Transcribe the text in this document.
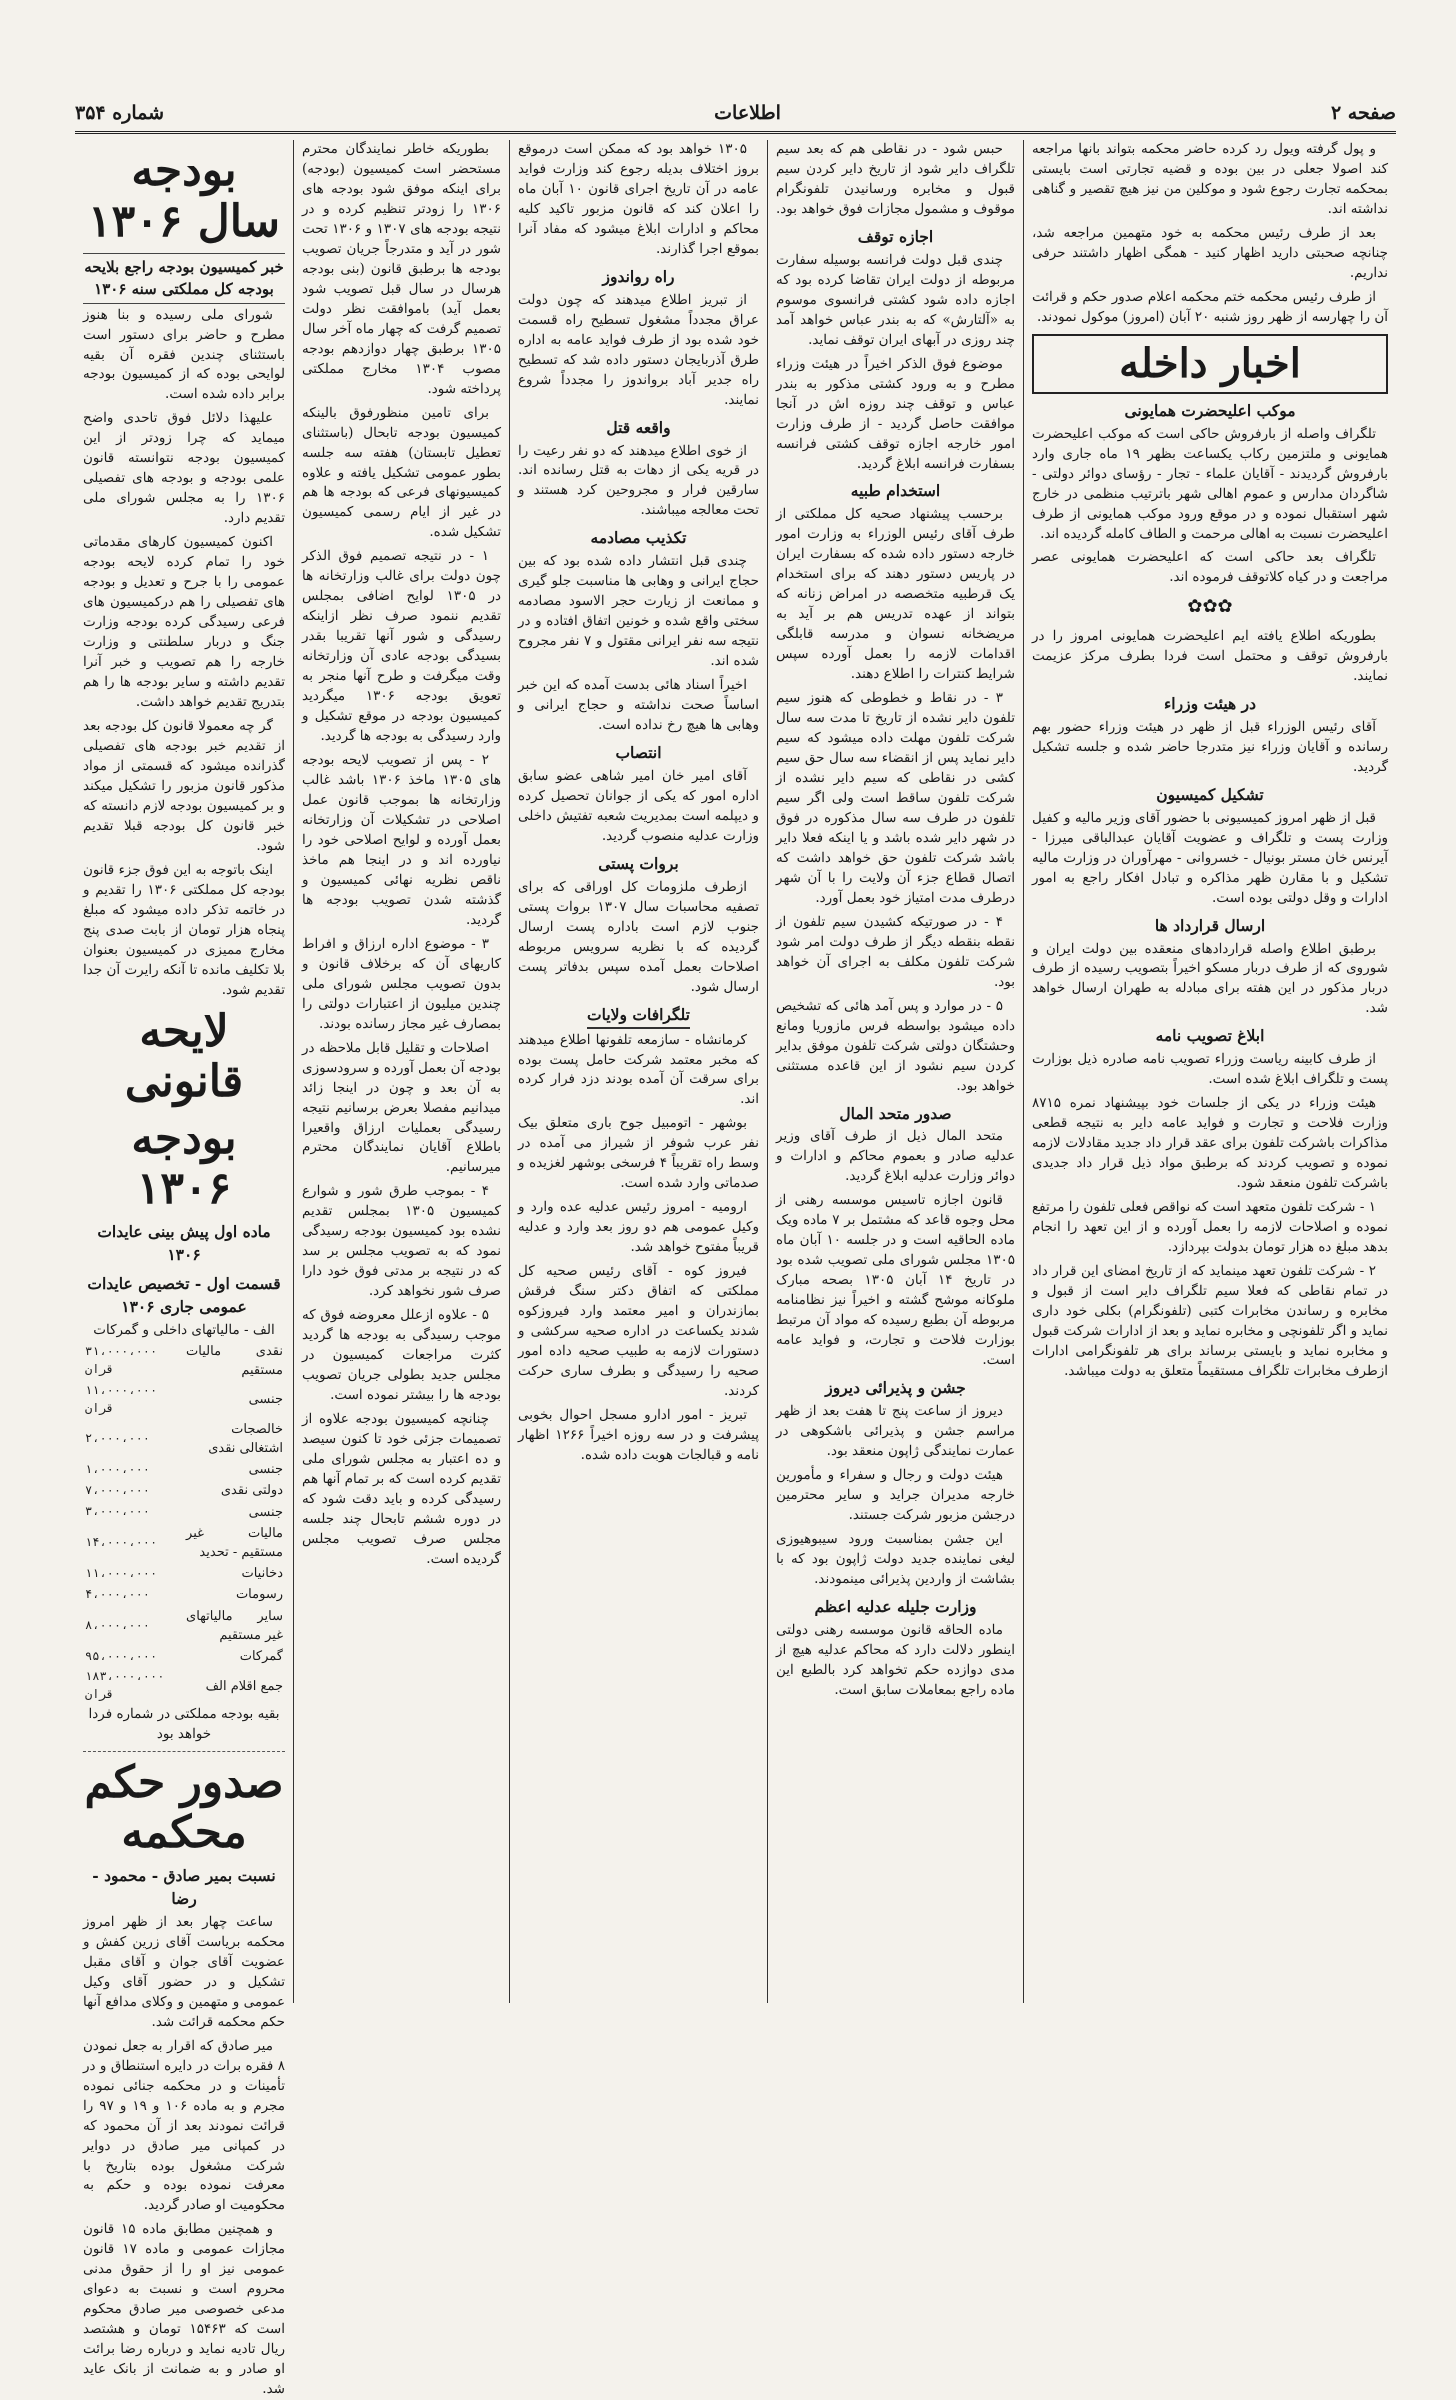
صفحه ۲
اطلاعات
شماره ۳۵۴

و پول گرفته ویول رد کرده حاضر محکمه بتواند بانها مراجعه کند اصولا جعلی در بین بوده و قضیه تجارتی است بایستی بمحکمه تجارت رجوع شود و موکلین من نیز هیچ تقصیر و گناهی نداشته اند.

بعد از طرف رئیس محکمه به خود متهمین مراجعه شد، چنانچه صحبتی دارید اظهار کنید - همگی اظهار داشتند حرفی نداریم.

از طرف رئیس محکمه ختم محکمه اعلام صدور حکم و قرائت آن را چهارسه از ظهر روز شنبه ۲۰ آبان (امروز) موکول نمودند.

اخبار داخله
موکب اعلیحضرت همایونی

تلگراف واصله از بارفروش حاکی است که موکب اعلیحضرت همایونی و ملتزمین رکاب یکساعت بظهر ۱۹ ماه جاری وارد بارفروش گردیدند - آقایان علماء - تجار - رؤسای دوائر دولتی - شاگردان مدارس و عموم اهالی شهر باترتیب منظمی در خارج شهر استقبال نموده و در موقع ورود موکب همایونی از طرف اعلیحضرت نسبت به اهالی مرحمت و الطاف کامله گردیده اند.

تلگراف بعد حاکی است که اعلیحضرت همایونی عصر مراجعت و در کیاه کلاتوقف فرموده اند.

✿✿✿

بطوریکه اطلاع یافته ایم اعلیحضرت همایونی امروز را در بارفروش توقف و محتمل است فردا بطرف مرکز عزیمت نمایند.

در هیئت وزراء

آقای رئیس الوزراء قبل از ظهر در هیئت وزراء حضور بهم رسانده و آقایان وزراء نیز متدرجا حاضر شده و جلسه تشکیل گردید.

تشکیل کمیسیون

قبل از ظهر امروز کمیسیونی با حضور آقای وزیر مالیه و کفیل وزارت پست و تلگراف و عضویت آقایان عبدالباقی میرزا - آیرنس خان مستر بونیال - خسروانی - مهرآوران در وزارت مالیه تشکیل و با مقارن ظهر مذاکره و تبادل افکار راجع به امور ادارات و وقل دولتی بوده است.

ارسال قرارداد ها

برطبق اطلاع واصله قراردادهای منعقده بین دولت ایران و شوروی که از طرف دربار مسکو اخیراً بتصویب رسیده از طرف دربار مذکور در این هفته برای مبادله به طهران ارسال خواهد شد.

ابلاغ تصویب نامه

از طرف کابینه ریاست وزراء تصویب نامه صادره ذیل بوزارت پست و تلگراف ابلاغ شده است.

هیئت وزراء در یکی از جلسات خود بپیشنهاد نمره ۸۷۱۵ وزارت فلاحت و تجارت و فواید عامه دایر به نتیجه قطعی مذاکرات باشرکت تلفون برای عقد قرار داد جدید مقادلات لازمه نموده و تصویب کردند که برطبق مواد ذیل قرار داد جدیدی باشرکت تلفون منعقد شود.

۱ - شرکت تلفون متعهد است که نواقص فعلی تلفون را مرتفع نموده و اصلاحات لازمه را بعمل آورده و از این تعهد را انجام بدهد مبلغ ده هزار تومان بدولت بپردازد.

۲ - شرکت تلفون تعهد مینماید که از تاریخ امضای این قرار داد در تمام نقاطی که فعلا سیم تلگراف دایر است از قبول و مخابره و رساندن مخابرات کتبی (تلفونگرام) بکلی خود داری نماید و اگر تلفونچی و مخابره نماید و بعد از ادارات شرکت قبول و مخابره نماید و بایستی برساند برای هر تلفونگرامی ادارات ازطرف مخابرات تلگراف مستقیماً متعلق به دولت میباشد.

حبس شود - در نقاطی هم که بعد سیم تلگراف دایر شود از تاریخ دایر کردن سیم قبول و مخابره ورسانیدن تلفونگرام موقوف و مشمول مجازات فوق خواهد بود.

اجازه توقف

چندی قبل دولت فرانسه بوسیله سفارت مربوطه از دولت ایران تقاضا کرده بود که اجازه داده شود کشتی فرانسوی موسوم به «آلتارش» که به بندر عباس خواهد آمد چند روزی در آبهای ایران توقف نماید.

موضوع فوق الذکر اخیراً در هیئت وزراء مطرح و به ورود کشتی مذکور به بندر عباس و توقف چند روزه اش در آنجا موافقت حاصل گردید - از طرف وزارت امور خارجه اجازه توقف کشتی فرانسه بسفارت فرانسه ابلاغ گردید.

استخدام طبیه

برحسب پیشنهاد صحیه کل مملکتی از طرف آقای رئیس الوزراء به وزارت امور خارجه دستور داده شده که بسفارت ایران در پاریس دستور دهند که برای استخدام یک قرطبیه متخصصه در امراض زنانه که بتواند از عهده تدریس هم بر آید به مریضخانه نسوان و مدرسه قابلگی اقدامات لازمه را بعمل آورده سپس شرایط کنترات را اطلاع دهند.

۳ - در نقاط و خطوطی که هنوز سیم تلفون دایر نشده از تاریخ تا مدت سه سال شرکت تلفون مهلت داده میشود که سیم دایر نماید پس از انقضاء سه سال حق سیم کشی در نقاطی که سیم دایر نشده از شرکت تلفون ساقط است ولی اگر سیم تلفون در طرف سه سال مذکوره در فوق در شهر دایر شده باشد و یا اینکه فعلا دایر باشد شرکت تلفون حق خواهد داشت که اتصال قطاع جزء آن ولایت را با آن شهر درطرف مدت امتیاز خود بعمل آورد.

۴ - در صورتیکه کشیدن سیم تلفون از نقطه بنقطه دیگر از طرف دولت امر شود شرکت تلفون مکلف به اجرای آن خواهد بود.

۵ - در موارد و پس آمد هائی که تشخیص داده میشود بواسطه فرس مازوریا ومانع وحشتگان دولتی شرکت تلفون موفق بدایر کردن سیم نشود از این قاعده مستثنی خواهد بود.

صدور متحد المال

متحد المال ذیل از طرف آقای وزیر عدلیه صادر و بعموم محاکم و ادارات و دوائر وزارت عدلیه ابلاغ گردید.

قانون اجازه تاسیس موسسه رهنی از محل وجوه قاعد که مشتمل بر ۷ ماده ویک ماده الحاقیه است و در جلسه ۱۰ آبان ماه ۱۳۰۵ مجلس شورای ملی تصویب شده بود در تاریخ ۱۴ آبان ۱۳۰۵ بصحه مبارک ملوکانه موشح گشته و اخیراً نیز نظامنامه مربوطه آن بطبع رسیده که مواد آن مرتبط بوزارت فلاحت و تجارت، و فواید عامه است.

جشن و پذیرائی دیروز

دیروز از ساعت پنج تا هفت بعد از ظهر مراسم جشن و پذیرائی باشکوهی در عمارت نمایندگی ژاپون منعقد بود.

هیئت دولت و رجال و سفراء و مأمورین خارجه مدیران جراید و سایر محترمین درجشن مزبور شرکت جستند.

این جشن بمناسبت ورود سیبوهیوزی لیغی نماینده جدید دولت ژاپون بود که با بشاشت از واردین پذیرائی مینمودند.

وزارت جلیله عدلیه اعظم

ماده الحاقه قانون موسسه رهنی دولتی اینطور دلالت دارد که محاکم عدلیه هیچ از مدی دوازده حکم تخواهد کرد بالطبع این ماده راجع بمعاملات سابق است.

۱۳۰۵ خواهد بود که ممکن است درموقع بروز اختلاف بدیله رجوع کند وزارت فواید عامه در آن تاریخ اجرای قانون ۱۰ آبان ماه را اعلان کند که قانون مزبور تاکید کلیه محاکم و ادارات ابلاغ میشود که مفاد آنرا بموقع اجرا گذارند.

راه رواندوز

از تبریز اطلاع میدهند که چون دولت عراق مجدداً مشغول تسطیح راه قسمت خود شده بود از طرف فواید عامه به اداره طرق آذربایجان دستور داده شد که تسطیح راه جدیر آباد برواندوز را مجدداً شروع نمایند.

واقعه قتل

از خوی اطلاع میدهند که دو نفر رعیت را در قریه یکی از دهات به قتل رسانده اند. سارقین فرار و مجروحین کرد هستند و تحت معالجه میباشند.

تکذیب مصادمه

چندی قبل انتشار داده شده بود که بین حجاج ایرانی و وهابی ها مناسبت جلو گیری و ممانعت از زیارت حجر الاسود مصادمه سختی واقع شده و خونین اتفاق افتاده و در نتیجه سه نفر ایرانی مقتول و ۷ نفر مجروح شده اند.

اخیراً اسناد هائی بدست آمده که این خبر اساساً صحت نداشته و حجاج ایرانی و وهابی ها هیچ رخ نداده است.

انتصاب

آقای امیر خان امیر شاهی عضو سابق اداره امور که یکی از جوانان تحصیل کرده و دیپلمه است بمدیریت شعبه تفتیش داخلی وزارت عدلیه منصوب گردید.

بروات پستی

ازطرف ملزومات کل اوراقی که برای تصفیه محاسبات سال ۱۳۰۷ بروات پستی جنوب لازم است باداره پست ارسال گردیده که با نظریه سرویس مربوطه اصلاحات بعمل آمده سپس بدفاتر پست ارسال شود.

تلگرافات ولایات

کرمانشاه - سازمعه تلفونها اطلاع میدهند که مخبر معتمد شرکت حامل پست بوده برای سرقت آن آمده بودند دزد فرار کرده اند.

بوشهر - اتومبیل جوح باری متعلق بیک نفر عرب شوفر از شیراز می آمده در وسط راه تقریباً ۴ فرسخی بوشهر لغزیده و صدماتی وارد شده است.

ارومیه - امروز رئیس عدلیه عده وارد و وکیل عمومی هم دو روز بعد وارد و عدلیه قریباً مفتوح خواهد شد.

فیروز کوه - آقای رئیس صحیه کل مملکتی که اتفاق دکتر سنگ فرقش بمازندران و امیر معتمد وارد فیروزکوه شدند یکساعت در اداره صحیه سرکشی و دستورات لازمه به طبیب صحیه داده امور صحیه را رسیدگی و بطرف ساری حرکت کردند.

تبریز - امور ادارو مسجل احوال بخوبی پیشرفت و در سه روزه اخیراً ۱۲۶۶ اظهار نامه و قبالجات هوبت داده شده.

بطوریکه خاطر نمایندگان محترم مستحضر است کمیسیون (بودجه) برای اینکه موفق شود بودجه های ۱۳۰۶ را زودتر تنظیم کرده و در نتیجه بودجه های ۱۳۰۷ و ۱۳۰۶ تحت شور در آید و متدرجاً جریان تصویب بودجه ها برطبق قانون (بنی بودجه هرسال در سال قبل تصویب شود بعمل آید) باموافقت نظر دولت تصمیم گرفت که چهار ماه آخر سال ۱۳۰۵ برطبق چهار دوازدهم بودجه مصوب ۱۳۰۴ مخارج مملکتی پرداخته شود.

برای تامین منظورفوق بالینکه کمیسیون بودجه تابحال (باستثنای تعطیل تابستان) هفته سه جلسه بطور عمومی تشکیل یافته و علاوه کمیسیونهای فرعی که بودجه ها هم در غیر از ایام رسمی کمیسیون تشکیل شده.

۱ - در نتیجه تصمیم فوق الذکر چون دولت برای غالب وزارتخانه ها در ۱۳۰۵ لوایح اضافی بمجلس تقدیم ننمود صرف نظر ازاینکه رسیدگی و شور آنها تقریبا بقدر بسیدگی بودجه عادی آن وزارتخانه وقت میگرفت و طرح آنها منجر به تعویق بودجه ۱۳۰۶ میگردید کمیسیون بودجه در موقع تشکیل و وارد رسیدگی به بودجه ها گردید.

۲ - پس از تصویب لایحه بودجه های ۱۳۰۵ ماخذ ۱۳۰۶ باشد غالب وزارتخانه ها بموجب قانون عمل اصلاحی در تشکیلات آن وزارتخانه بعمل آورده و لوایح اصلاحی خود را نیاورده اند و در اینجا هم ماخذ ناقص نظریه نهائی کمیسیون و گذشته شدن تصویب بودجه ها گردید.

۳ - موضوع اداره ارزاق و افراط کاریهای آن که برخلاف قانون و بدون تصویب مجلس شورای ملی چندین میلیون از اعتبارات دولتی را بمصارف غیر مجاز رسانده بودند.

اصلاحات و تقلیل قابل ملاحظه در بودجه آن بعمل آورده و سرودسوزی به آن بعد و چون در اینجا زائد میدانیم مفصلا بعرض برسانیم نتیجه رسیدگی بعملیات ارزاق واقعیرا باطلاع آقایان نمایندگان محترم میرسانیم.

۴ - بموجب طرق شور و شوارع کمیسیون ۱۳۰۵ بمجلس تقدیم نشده بود کمیسیون بودجه رسیدگی نمود که به تصویب مجلس بر سد که در نتیجه بر مدتی فوق خود دارا صرف شور نخواهد کرد.

۵ - علاوه ازعلل معروضه فوق که موجب رسیدگی به بودجه ها گردید کثرت مراجعات کمیسیون در مجلس جدید بطولی جریان تصویب بودجه ها را بیشتر نموده است.

چنانچه کمیسیون بودجه علاوه از تصمیمات جزئی خود تا کنون سیصد و ده اعتبار به مجلس شورای ملی تقدیم کرده است که بر تمام آنها هم رسیدگی کرده و باید دقت شود که در دوره ششم تابحال چند جلسه مجلس صرف تصویب مجلس گردیده است.

بودجه سال ۱۳۰۶
خبر کمیسیون بودجه راجع بلایحه بودجه کل مملکتی سنه ۱۳۰۶

شورای ملی رسیده و بنا هنوز مطرح و حاضر برای دستور است باستثنای چندین فقره آن بقیه لوایحی بوده که از کمیسیون بودجه برابر داده شده است.

علیهذا دلائل فوق تاحدی واضح میماید که چرا زودتر از این کمیسیون بودجه نتوانسته قانون علمی بودجه و بودجه های تفصیلی ۱۳۰۶ را به مجلس شورای ملی تقدیم دارد.

اکنون کمیسیون کارهای مقدماتی خود را تمام کرده لایحه بودجه عمومی را با جرح و تعدیل و بودجه های تفصیلی را هم درکمیسیون های فرعی رسیدگی کرده بودجه وزارت جنگ و دربار سلطنتی و وزارت خارجه را هم تصویب و خبر آنرا تقدیم داشته و سایر بودجه ها را هم بتدریج تقدیم خواهد داشت.

گر چه معمولا قانون کل بودجه بعد از تقدیم خبر بودجه های تفصیلی گذرانده میشود که قسمتی از مواد مذکور قانون مزبور را تشکیل میکند و بر کمیسیون بودجه لازم دانسته که خبر قانون کل بودجه قبلا تقدیم شود.

اینک باتوجه به این فوق جزء قانون بودجه کل مملکتی ۱۳۰۶ را تقدیم و در خاتمه تذکر داده میشود که مبلغ پنجاه هزار تومان از بابت صدی پنج مخارج ممیزی در کمیسیون بعنوان بلا تکلیف مانده تا آنکه رایرت آن جدا تقدیم شود.

لایحه قانونی
بودجه ۱۳۰۶
ماده اول پیش بینی عایدات ۱۳۰۶
قسمت اول - تخصیص عایدات عمومی جاری ۱۳۰۶
الف - مالیاتهای داخلی و گمرکات
نقدی مالیات مستقیم	۳۱،۰۰۰،۰۰۰ قران
جنسی	۱۱،۰۰۰،۰۰۰ قران
خالصجات اشتغالی نقدی	۲،۰۰۰،۰۰۰
جنسی	۱،۰۰۰،۰۰۰
دولتی نقدی	۷،۰۰۰،۰۰۰
جنسی	۳،۰۰۰،۰۰۰
مالیات غیر مستقیم - تحدید	۱۴،۰۰۰،۰۰۰
دخانیات	۱۱،۰۰۰،۰۰۰
رسومات	۴،۰۰۰،۰۰۰
سایر مالیاتهای غیر مستقیم	۸،۰۰۰،۰۰۰
گمرکات	۹۵،۰۰۰،۰۰۰
جمع اقلام الف	۱۸۳،۰۰۰،۰۰۰ قران
بقیه بودجه مملکتی در شماره فردا خواهد بود
صدور حکم محکمه
نسبت بمیر صادق - محمود - رضا

ساعت چهار بعد از ظهر امروز محکمه بریاست آقای زرین کفش و عضویت آقای جوان و آقای مقبل تشکیل و در حضور آقای وکیل عمومی و متهمین و وکلای مدافع آنها حکم محکمه قرائت شد.

میر صادق که اقرار به جعل نمودن ۸ فقره برات در دایره استنطاق و در تأمینات و در محکمه جنائی نموده مجرم و به ماده ۱۰۶ و ۱۹ و ۹۷ را قرائت نمودند بعد از آن محمود که در کمپانی میر صادق در دوایر شرکت مشغول بوده بتاریخ با معرفت نموده بوده و حکم به محکومیت او صادر گردید.

و همچنین مطابق ماده ۱۵ قانون مجازات عمومی و ماده ۱۷ قانون عمومی نیز او را از حقوق مدنی محروم است و نسبت به دعوای مدعی خصوصی میر صادق محکوم است که ۱۵۴۶۳ تومان و هشتصد ریال تادیه نماید و درباره رضا برائت او صادر و به ضمانت از بانک عاید شد.
